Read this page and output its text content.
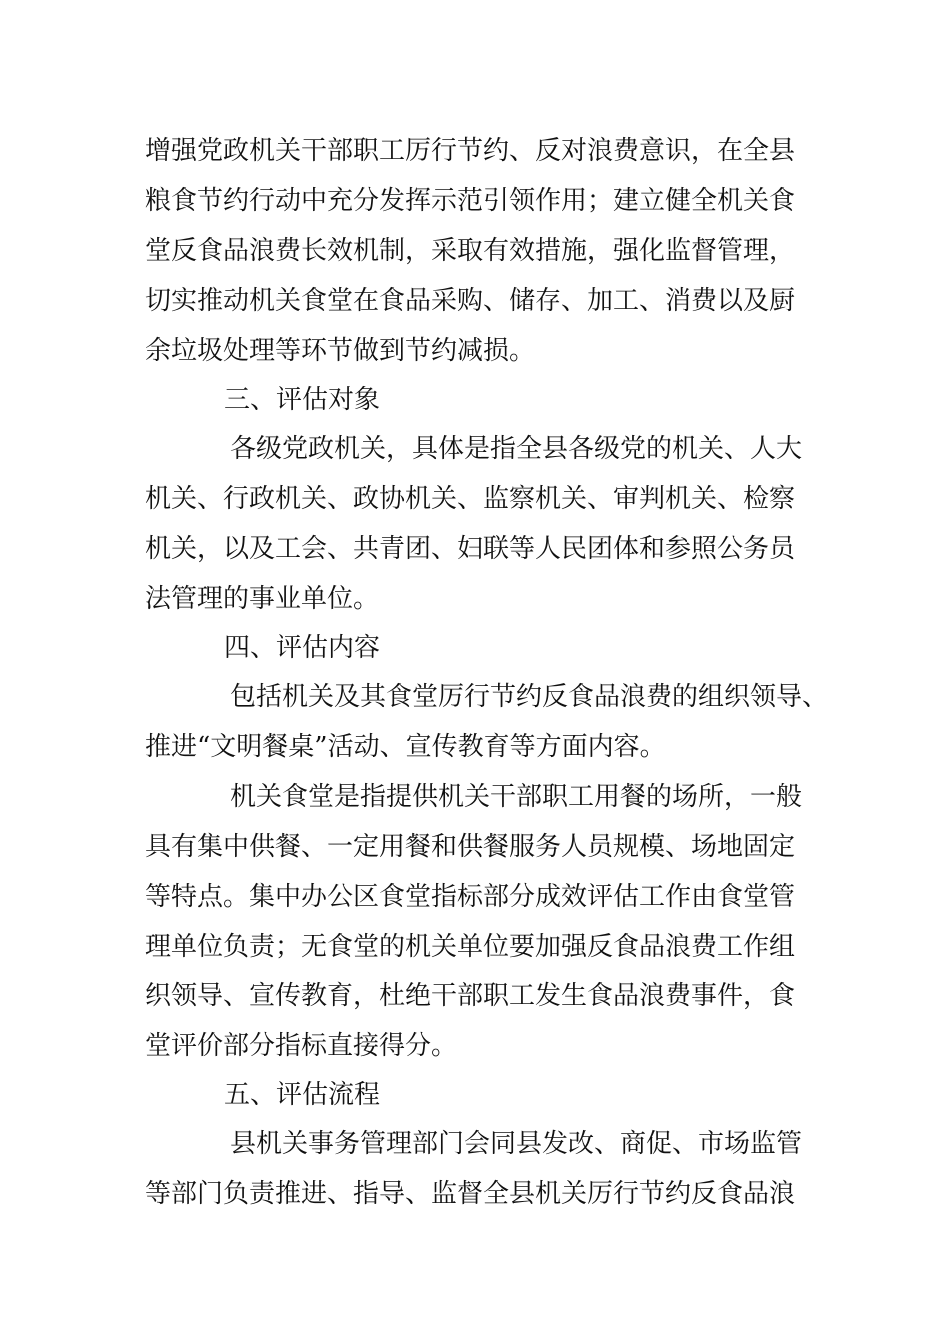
增强党政机关干部职工厉行节约、反对浪费意识，在全县
粮食节约行动中充分发挥示范引领作用；建立健全机关食
堂反食品浪费长效机制，采取有效措施，强化监督管理，
切实推动机关食堂在食品采购、储存、加工、消费以及厨
余垃圾处理等环节做到节约减损。
三、评估对象
各级党政机关，具体是指全县各级党的机关、人大
机关、行政机关、政协机关、监察机关、审判机关、检察
机关，以及工会、共青团、妇联等人民团体和参照公务员
法管理的事业单位。
四、评估内容
包括机关及其食堂厉行节约反食品浪费的组织领导、
推进“文明餐桌”活动、宣传教育等方面内容。
机关食堂是指提供机关干部职工用餐的场所，一般
具有集中供餐、一定用餐和供餐服务人员规模、场地固定
等特点。集中办公区食堂指标部分成效评估工作由食堂管
理单位负责；无食堂的机关单位要加强反食品浪费工作组
织领导、宣传教育，杜绝干部职工发生食品浪费事件，食
堂评价部分指标直接得分。
五、评估流程
县机关事务管理部门会同县发改、商促、市场监管
等部门负责推进、指导、监督全县机关厉行节约反食品浪
